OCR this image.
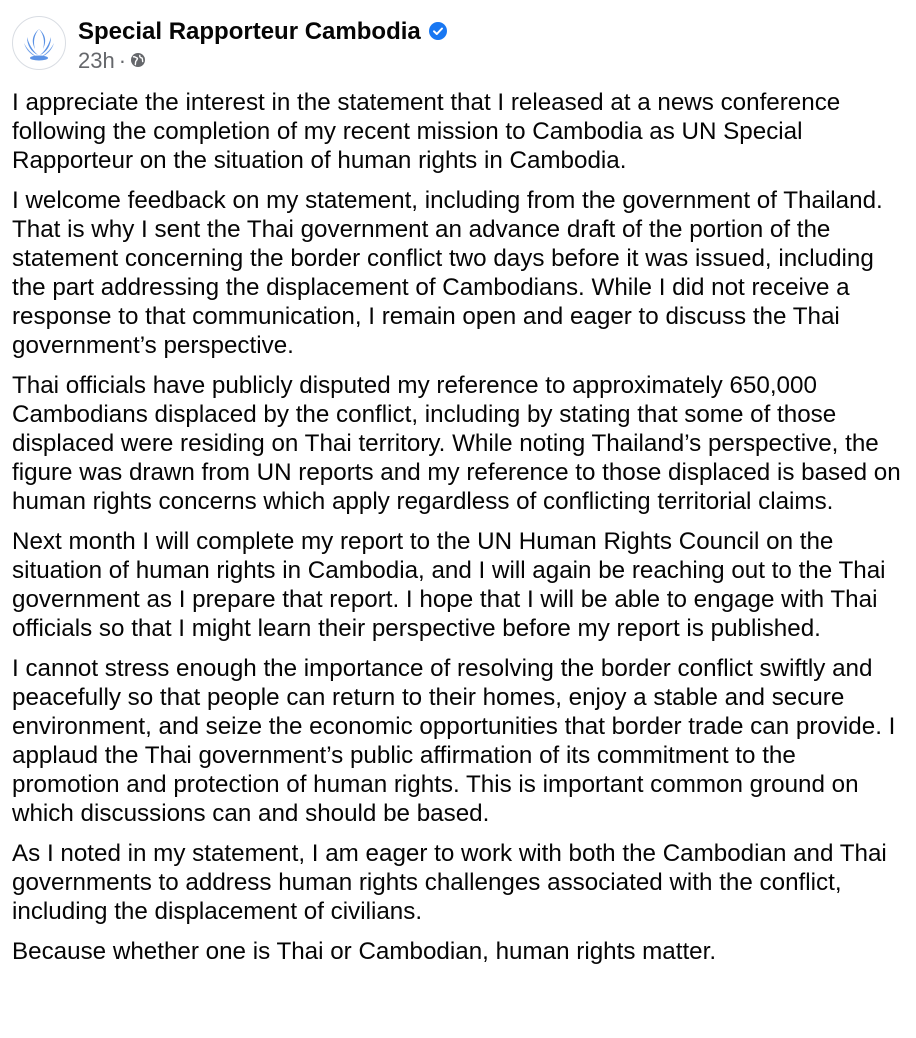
Special Rapporteur Cambodia
23h ·

I appreciate the interest in the statement that I released at a news conference following the completion of my recent mission to Cambodia as UN Special Rapporteur on the situation of human rights in Cambodia.

I welcome feedback on my statement, including from the government of Thailand. That is why I sent the Thai government an advance draft of the portion of the statement concerning the border conflict two days before it was issued, including the part addressing the displacement of Cambodians. While I did not receive a response to that communication, I remain open and eager to discuss the Thai government’s perspective.

Thai officials have publicly disputed my reference to approximately 650,000 Cambodians displaced by the conflict, including by stating that some of those displaced were residing on Thai territory. While noting Thailand’s perspective, the figure was drawn from UN reports and my reference to those displaced is based on human rights concerns which apply regardless of conflicting territorial claims.

Next month I will complete my report to the UN Human Rights Council on the situation of human rights in Cambodia, and I will again be reaching out to the Thai government as I prepare that report. I hope that I will be able to engage with Thai officials so that I might learn their perspective before my report is published.

I cannot stress enough the importance of resolving the border conflict swiftly and peacefully so that people can return to their homes, enjoy a stable and secure environment, and seize the economic opportunities that border trade can provide. I applaud the Thai government’s public affirmation of its commitment to the promotion and protection of human rights. This is important common ground on which discussions can and should be based.

As I noted in my statement, I am eager to work with both the Cambodian and Thai governments to address human rights challenges associated with the conflict, including the displacement of civilians.

Because whether one is Thai or Cambodian, human rights matter.
